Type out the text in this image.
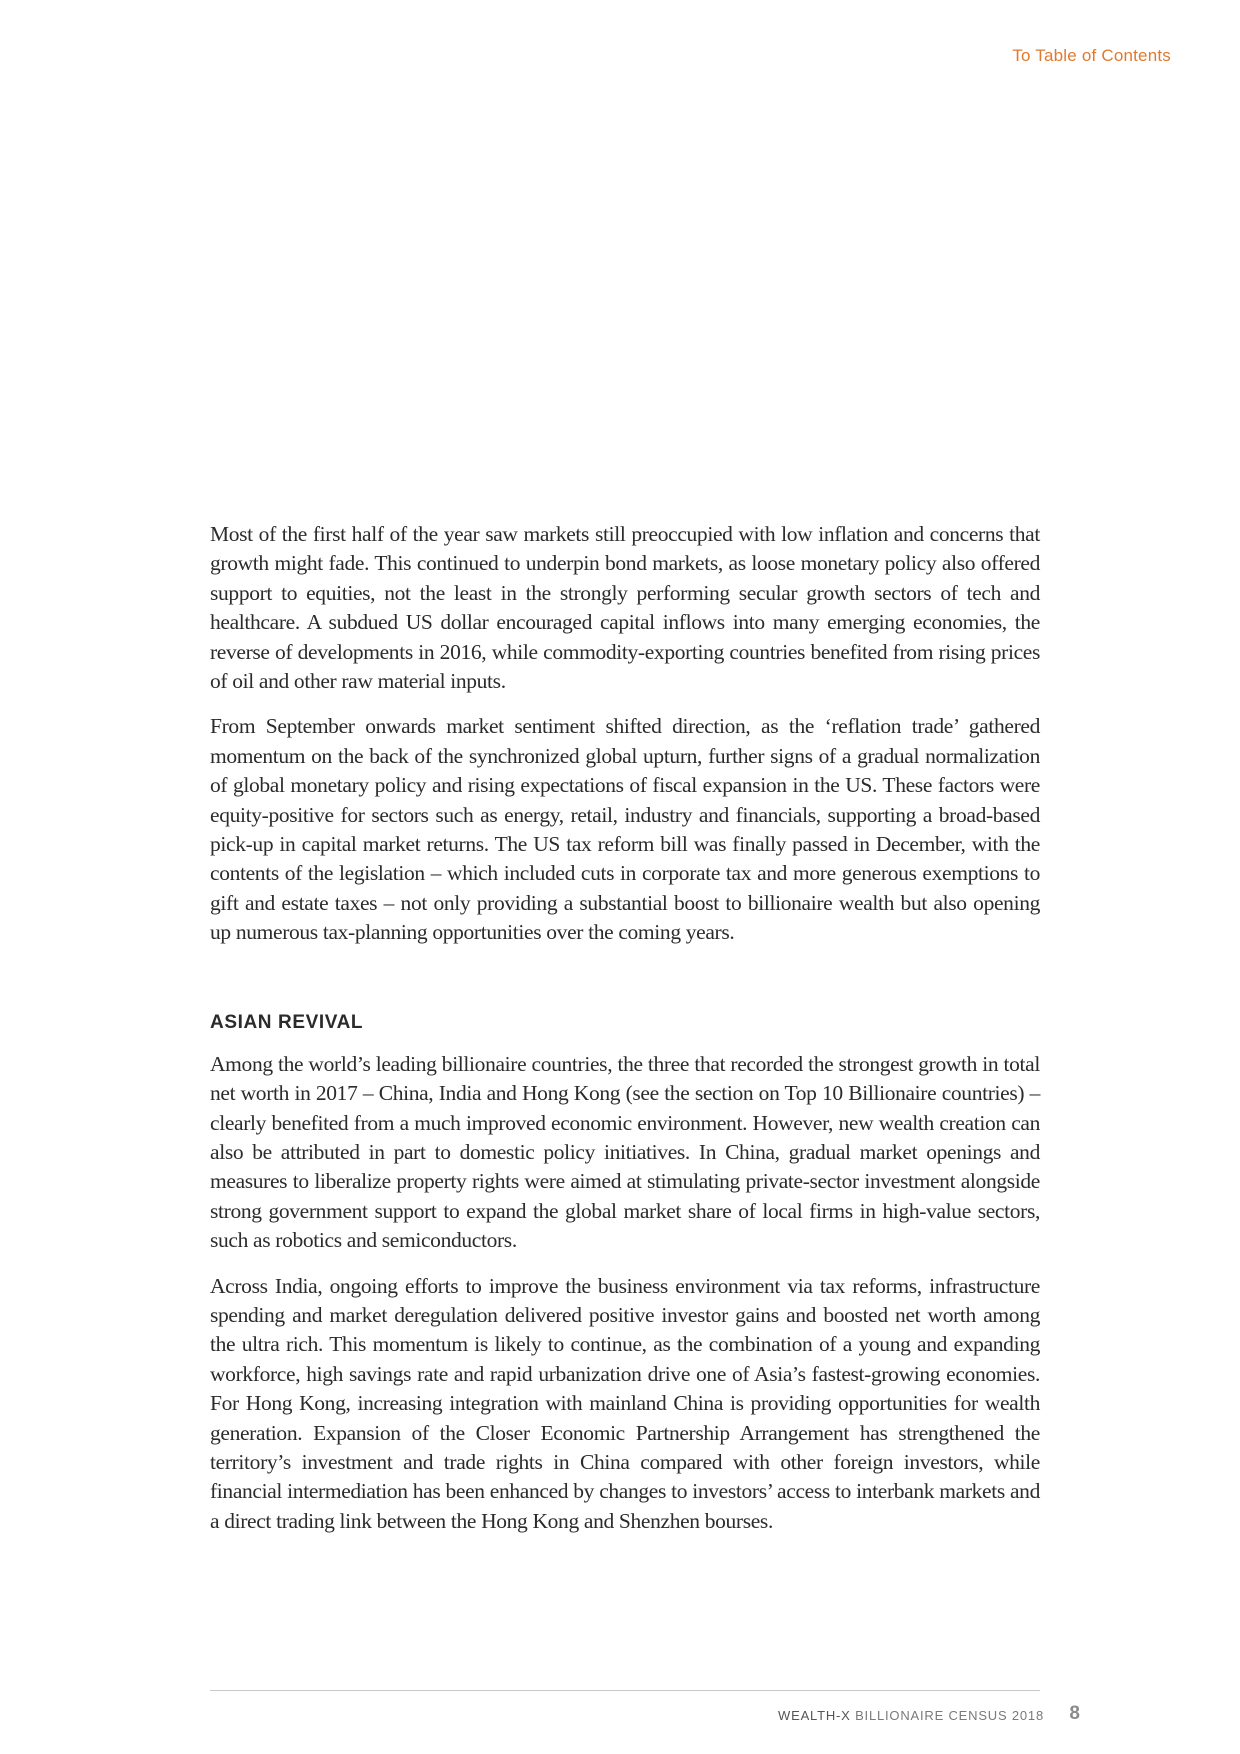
To Table of Contents

Most of the first half of the year saw markets still preoccupied with low inflation and concerns that growth might fade. This continued to underpin bond markets, as loose monetary policy also offered support to equities, not the least in the strongly performing secular growth sectors of tech and healthcare. A subdued US dollar encouraged capital inflows into many emerging economies, the reverse of developments in 2016, while commodity-exporting countries benefited from rising prices of oil and other raw material inputs.

From September onwards market sentiment shifted direction, as the ‘reflation trade’ gathered momentum on the back of the synchronized global upturn, further signs of a gradual normalization of global monetary policy and rising expectations of fiscal expansion in the US. These factors were equity-positive for sectors such as energy, retail, industry and financials, supporting a broad-based pick-up in capital market returns. The US tax reform bill was finally passed in December, with the contents of the legislation – which included cuts in corporate tax and more generous exemptions to gift and estate taxes – not only providing a substantial boost to billionaire wealth but also opening up numerous tax-planning opportunities over the coming years.

ASIAN REVIVAL

Among the world’s leading billionaire countries, the three that recorded the strongest growth in total net worth in 2017 – China, India and Hong Kong (see the section on Top 10 Billionaire countries) – clearly benefited from a much improved economic environment. However, new wealth creation can also be attributed in part to domestic policy initiatives. In China, gradual market openings and measures to liberalize property rights were aimed at stimulating private-sector investment alongside strong government support to expand the global market share of local firms in high-value sectors, such as robotics and semiconductors.

Across India, ongoing efforts to improve the business environment via tax reforms, infrastructure spending and market deregulation delivered positive investor gains and boosted net worth among the ultra rich. This momentum is likely to continue, as the combination of a young and expanding workforce, high savings rate and rapid urbanization drive one of Asia’s fastest-growing economies. For Hong Kong, increasing integration with mainland China is providing opportunities for wealth generation. Expansion of the Closer Economic Partnership Arrangement has strengthened the territory’s investment and trade rights in China compared with other foreign investors, while financial intermediation has been enhanced by changes to investors’ access to interbank markets and a direct trading link between the Hong Kong and Shenzhen bourses.

WEALTH-X BILLIONAIRE CENSUS 2018 8
